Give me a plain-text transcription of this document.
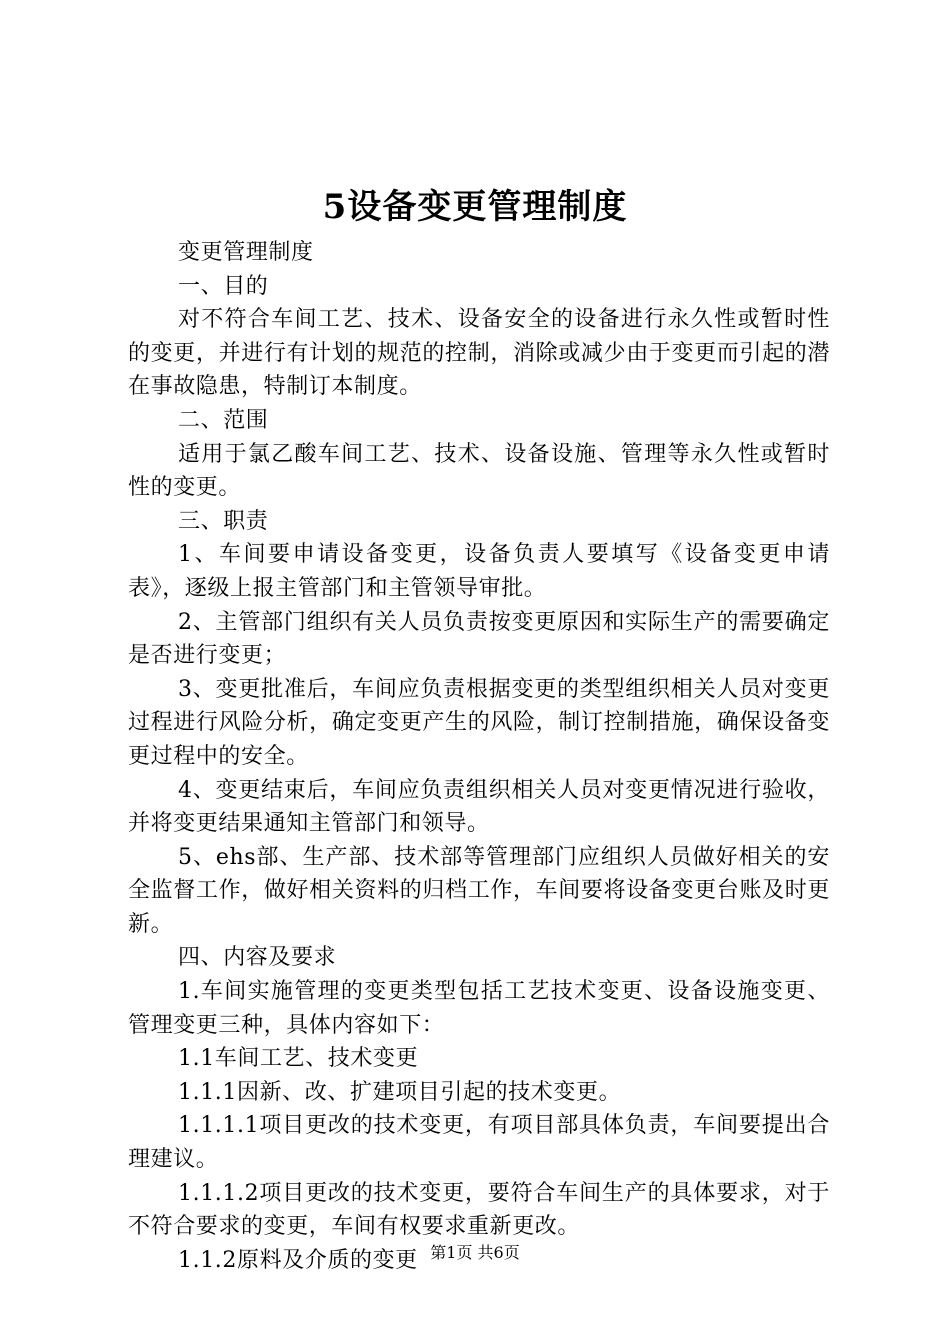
5设备变更管理制度

变更管理制度

一、目的

对不符合车间工艺、技术、设备安全的设备进行永久性或暂时性的变更，并进行有计划的规范的控制，消除或减少由于变更而引起的潜在事故隐患，特制订本制度。

二、范围

适用于氯乙酸车间工艺、技术、设备设施、管理等永久性或暂时性的变更。

三、职责

1、车间要申请设备变更，设备负责人要填写《设备变更申请表》，逐级上报主管部门和主管领导审批。

2、主管部门组织有关人员负责按变更原因和实际生产的需要确定是否进行变更；

3、变更批准后，车间应负责根据变更的类型组织相关人员对变更过程进行风险分析，确定变更产生的风险，制订控制措施，确保设备变更过程中的安全。

4、变更结束后，车间应负责组织相关人员对变更情况进行验收，并将变更结果通知主管部门和领导。

5、ehs部、生产部、技术部等管理部门应组织人员做好相关的安全监督工作，做好相关资料的归档工作，车间要将设备变更台账及时更新。

四、内容及要求

1.车间实施管理的变更类型包括工艺技术变更、设备设施变更、管理变更三种，具体内容如下：

1.1车间工艺、技术变更

1.1.1因新、改、扩建项目引起的技术变更。

1.1.1.1项目更改的技术变更，有项目部具体负责，车间要提出合理建议。

1.1.1.2项目更改的技术变更，要符合车间生产的具体要求，对于不符合要求的变更，车间有权要求重新更改。

1.1.2原料及介质的变更 第1页 共6页
